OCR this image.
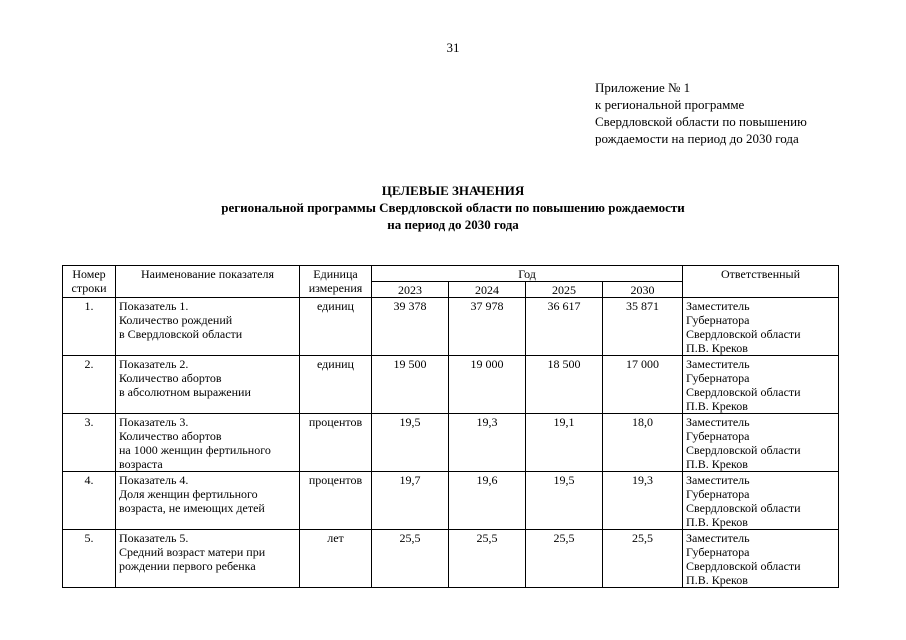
31
Приложение № 1
к региональной программе
Свердловской области по повышению
рождаемости на период до 2030 года
ЦЕЛЕВЫЕ ЗНАЧЕНИЯ
региональной программы Свердловской области по повышению рождаемости
на период до 2030 года
Номер
строки	Наименование показателя	Единица
измерения	Год				Ответственный
			2023	2024	2025	2030	
1.	Показатель 1.
Количество рождений
в Свердловской области	единиц	39 378	37 978	36 617	35 871	Заместитель
Губернатора
Свердловской области
П.В. Креков
2.	Показатель 2.
Количество абортов
в абсолютном выражении	единиц	19 500	19 000	18 500	17 000	Заместитель
Губернатора
Свердловской области
П.В. Креков
3.	Показатель 3.
Количество абортов
на 1000 женщин фертильного
возраста	процентов	19,5	19,3	19,1	18,0	Заместитель
Губернатора
Свердловской области
П.В. Креков
4.	Показатель 4.
Доля женщин фертильного
возраста, не имеющих детей	процентов	19,7	19,6	19,5	19,3	Заместитель
Губернатора
Свердловской области
П.В. Креков
5.	Показатель 5.
Средний возраст матери при
рождении первого ребенка	лет	25,5	25,5	25,5	25,5	Заместитель
Губернатора
Свердловской области
П.В. Креков
